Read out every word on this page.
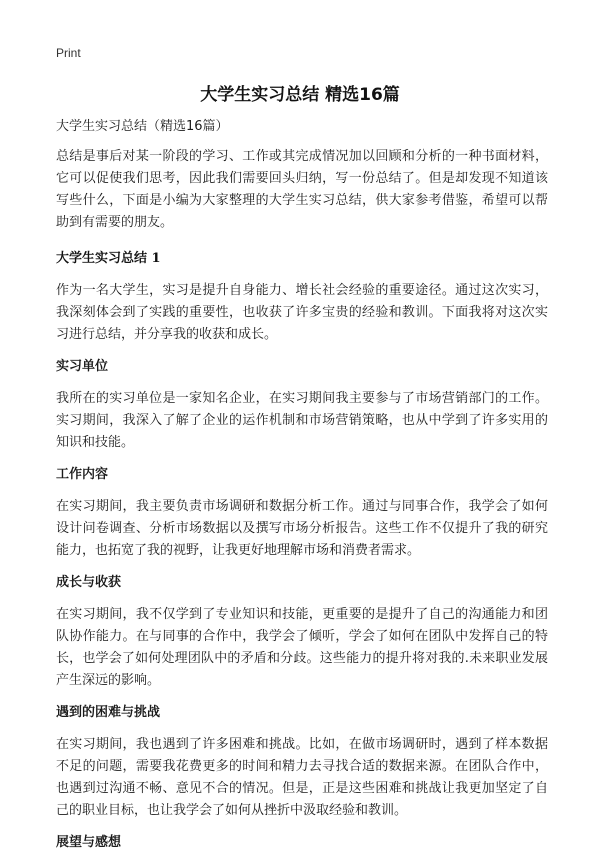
Print
大学生实习总结 精选16篇

大学生实习总结（精选16篇）

总结是事后对某一阶段的学习、工作或其完成情况加以回顾和分析的一种书面材料，它可以促使我们思考，因此我们需要回头归纳，写一份总结了。但是却发现不知道该写些什么，下面是小编为大家整理的大学生实习总结，供大家参考借鉴，希望可以帮助到有需要的朋友。

大学生实习总结 1

作为一名大学生，实习是提升自身能力、增长社会经验的重要途径。通过这次实习，我深刻体会到了实践的重要性，也收获了许多宝贵的经验和教训。下面我将对这次实习进行总结，并分享我的收获和成长。

实习单位

我所在的实习单位是一家知名企业，在实习期间我主要参与了市场营销部门的工作。实习期间，我深入了解了企业的运作机制和市场营销策略，也从中学到了许多实用的知识和技能。

工作内容

在实习期间，我主要负责市场调研和数据分析工作。通过与同事合作，我学会了如何设计问卷调查、分析市场数据以及撰写市场分析报告。这些工作不仅提升了我的研究能力，也拓宽了我的视野，让我更好地理解市场和消费者需求。

成长与收获

在实习期间，我不仅学到了专业知识和技能，更重要的是提升了自己的沟通能力和团队协作能力。在与同事的合作中，我学会了倾听，学会了如何在团队中发挥自己的特长，也学会了如何处理团队中的矛盾和分歧。这些能力的提升将对我的.未来职业发展产生深远的影响。

遇到的困难与挑战

在实习期间，我也遇到了许多困难和挑战。比如，在做市场调研时，遇到了样本数据不足的问题，需要我花费更多的时间和精力去寻找合适的数据来源。在团队合作中，也遇到过沟通不畅、意见不合的情况。但是，正是这些困难和挑战让我更加坚定了自己的职业目标，也让我学会了如何从挫折中汲取经验和教训。

展望与感想
